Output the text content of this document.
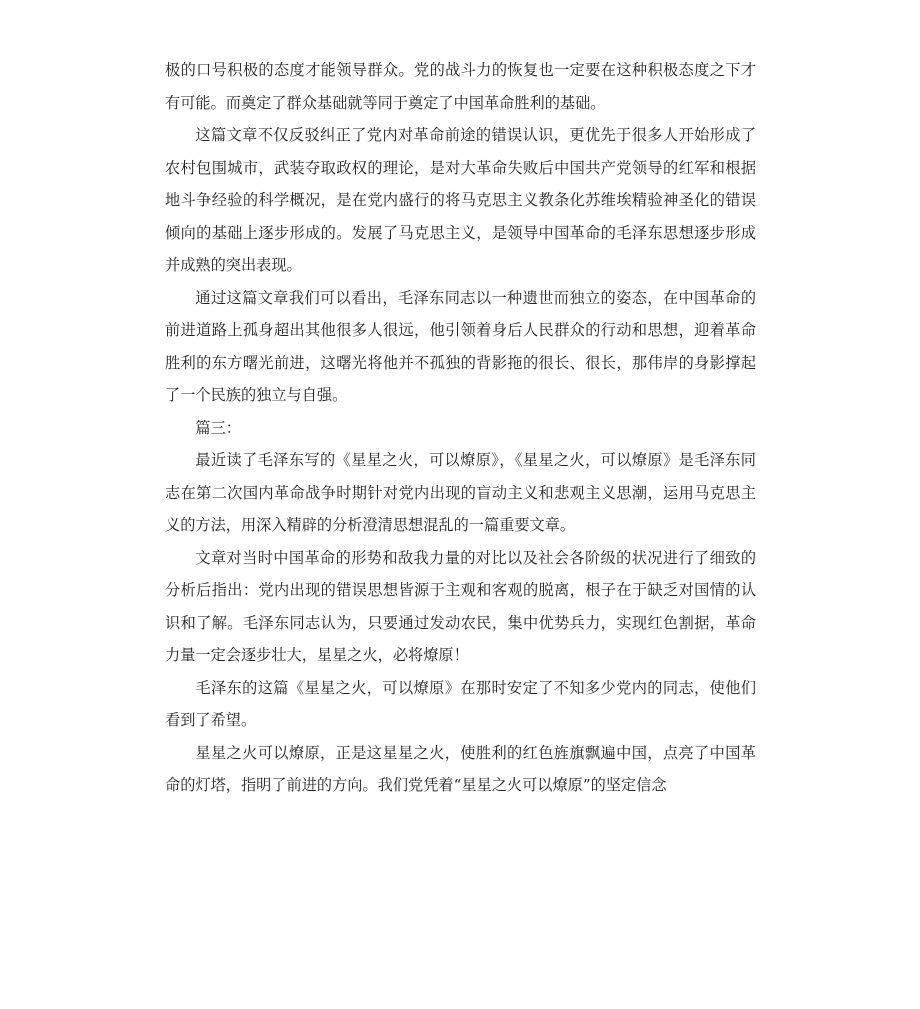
极的口号积极的态度才能领导群众。党的战斗力的恢复也一定要在这种积极态度之下才有可能。而奠定了群众基础就等同于奠定了中国革命胜利的基础。

这篇文章不仅反驳纠正了党内对革命前途的错误认识，更优先于很多人开始形成了农村包围城市，武装夺取政权的理论，是对大革命失败后中国共产党领导的红军和根据地斗争经验的科学概况，是在党内盛行的将马克思主义教条化苏维埃精验神圣化的错误倾向的基础上逐步形成的。发展了马克思主义，是领导中国革命的毛泽东思想逐步形成并成熟的突出表现。

通过这篇文章我们可以看出，毛泽东同志以一种遗世而独立的姿态，在中国革命的前进道路上孤身超出其他很多人很远，他引领着身后人民群众的行动和思想，迎着革命胜利的东方曙光前进，这曙光将他并不孤独的背影拖的很长、很长，那伟岸的身影撑起了一个民族的独立与自强。

篇三：

最近读了毛泽东写的《星星之火，可以燎原》，《星星之火，可以燎原》是毛泽东同志在第二次国内革命战争时期针对党内出现的盲动主义和悲观主义思潮，运用马克思主义的方法，用深入精辟的分析澄清思想混乱的一篇重要文章。

文章对当时中国革命的形势和敌我力量的对比以及社会各阶级的状况进行了细致的分析后指出：党内出现的错误思想皆源于主观和客观的脱离，根子在于缺乏对国情的认识和了解。毛泽东同志认为，只要通过发动农民，集中优势兵力，实现红色割据，革命力量一定会逐步壮大，星星之火，必将燎原！

毛泽东的这篇《星星之火，可以燎原》在那时安定了不知多少党内的同志，使他们看到了希望。

星星之火可以燎原，正是这星星之火，使胜利的红色旌旗飘遍中国，点亮了中国革命的灯塔，指明了前进的方向。我们党凭着“星星之火可以燎原”的坚定信念
